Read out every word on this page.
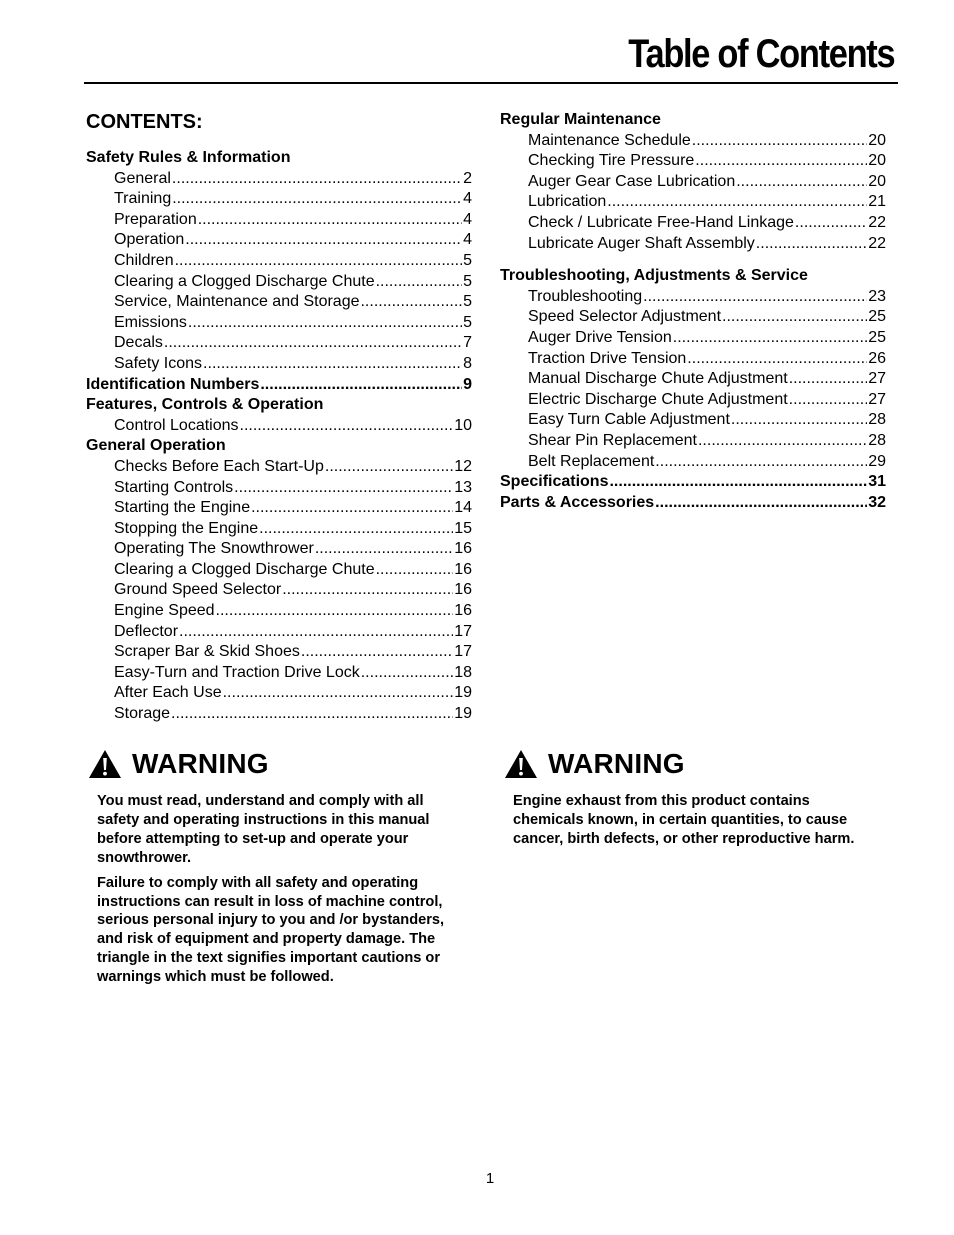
Table of Contents
CONTENTS:
Safety Rules & Information
General .....	2
Training .....	4
Preparation .....	4
Operation .....	4
Children .....	5
Clearing a Clogged Discharge Chute .....	5
Service, Maintenance and Storage .....	5
Emissions .....	5
Decals .....	7
Safety Icons .....	8
Identification Numbers .....	9
Features, Controls & Operation
Control Locations .....	10
General Operation
Checks Before Each Start-Up .....	12
Starting Controls .....	13
Starting the Engine .....	14
Stopping the Engine .....	15
Operating The Snowthrower .....	16
Clearing a Clogged Discharge Chute .....	16
Ground Speed Selector .....	16
Engine Speed .....	16
Deflector .....	17
Scraper Bar & Skid Shoes .....	17
Easy-Turn and Traction Drive Lock .....	18
After Each Use .....	19
Storage .....	19
Regular Maintenance
Maintenance Schedule .....	20
Checking Tire Pressure .....	20
Auger Gear Case Lubrication .....	20
Lubrication .....	21
Check / Lubricate Free-Hand Linkage .....	22
Lubricate Auger Shaft Assembly .....	22
Troubleshooting, Adjustments & Service
Troubleshooting .....	23
Speed Selector Adjustment .....	25
Auger Drive Tension .....	25
Traction Drive Tension .....	26
Manual Discharge Chute Adjustment .....	27
Electric Discharge Chute Adjustment .....	27
Easy Turn Cable Adjustment .....	28
Shear Pin Replacement .....	28
Belt Replacement .....	29
Specifications .....	31
Parts & Accessories .....	32
WARNING

You must read, understand and comply with all safety and operating instructions in this manual before attempting to set-up and operate your snowthrower.

Failure to comply with all safety and operating instructions can result in loss of machine control, serious personal injury to you and /or bystanders, and risk of equipment and property damage. The triangle in the text signifies important cautions or warnings which must be followed.

WARNING

Engine exhaust from this product contains chemicals known, in certain quantities, to cause cancer, birth defects, or other reproductive harm.

1
